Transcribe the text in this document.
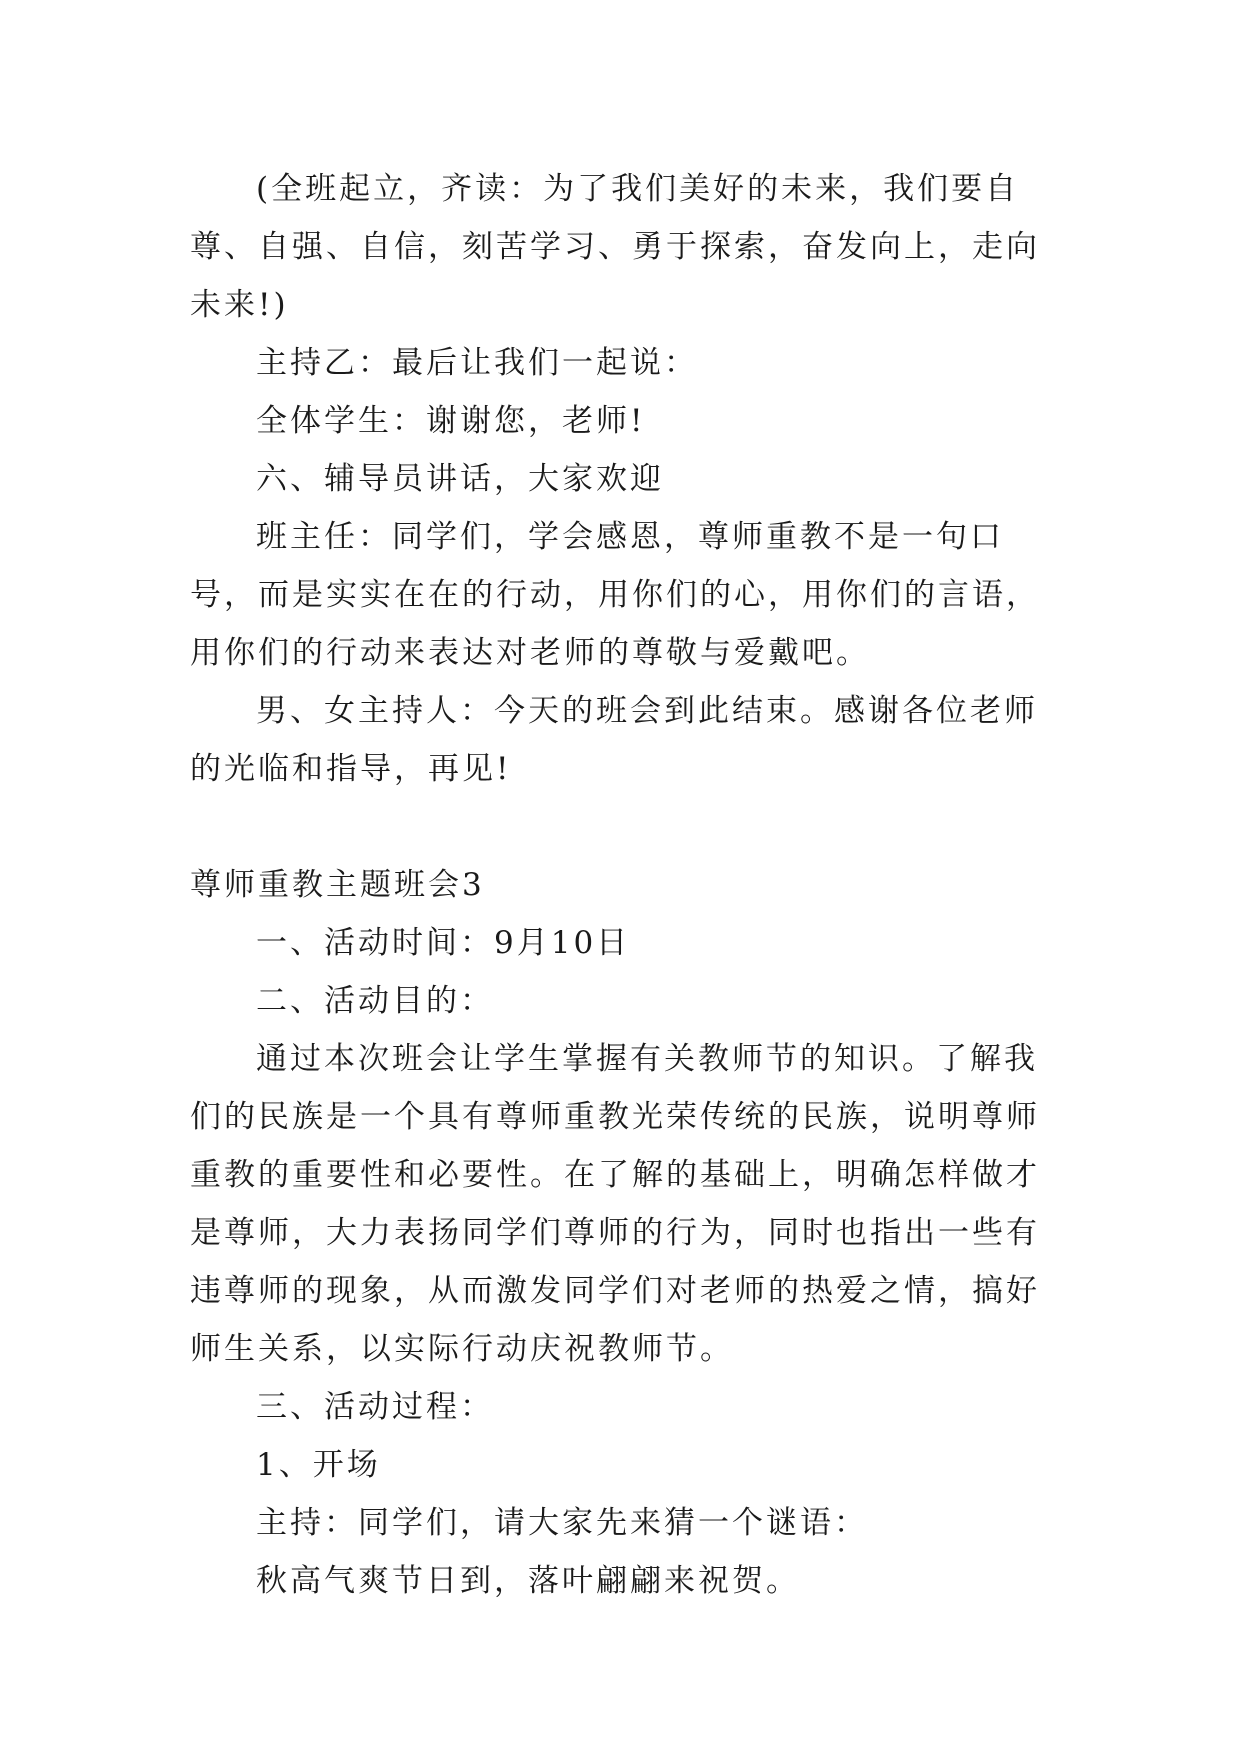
(全班起立，齐读：为了我们美好的未来，我们要自尊、自强、自信，刻苦学习、勇于探索，奋发向上，走向未来!)

主持乙：最后让我们一起说：

全体学生：谢谢您，老师!

六、辅导员讲话，大家欢迎

班主任：同学们，学会感恩，尊师重教不是一句口号，而是实实在在的行动，用你们的心，用你们的言语，用你们的行动来表达对老师的尊敬与爱戴吧。

男、女主持人：今天的班会到此结束。感谢各位老师的光临和指导，再见!

尊师重教主题班会3

一、活动时间：9月10日

二、活动目的：

通过本次班会让学生掌握有关教师节的知识。了解我们的民族是一个具有尊师重教光荣传统的民族，说明尊师重教的重要性和必要性。在了解的基础上，明确怎样做才是尊师，大力表扬同学们尊师的行为，同时也指出一些有违尊师的现象，从而激发同学们对老师的热爱之情，搞好师生关系，以实际行动庆祝教师节。

三、活动过程：

1、开场

主持：同学们，请大家先来猜一个谜语：

秋高气爽节日到，落叶翩翩来祝贺。
